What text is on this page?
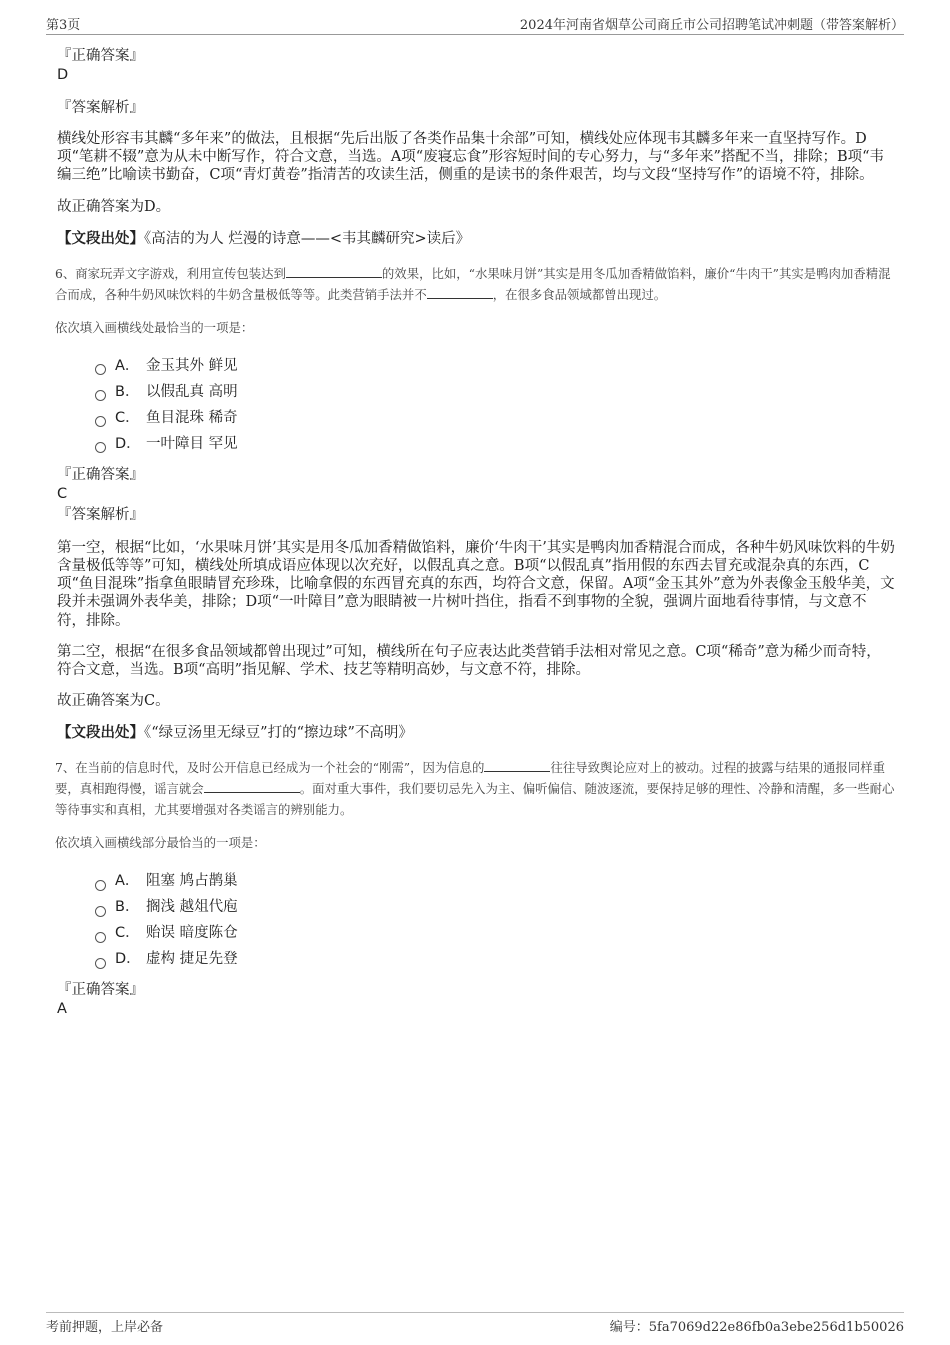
第3页	2024年河南省烟草公司商丘市公司招聘笔试冲刺题（带答案解析）

『正确答案』

D

『答案解析』

横线处形容韦其麟“多年来”的做法，且根据“先后出版了各类作品集十余部”可知，横线处应体现韦其麟多年来一直坚持写作。D项“笔耕不辍”意为从未中断写作，符合文意，当选。A项“废寝忘食”形容短时间的专心努力，与“多年来”搭配不当，排除；B项“韦编三绝”比喻读书勤奋，C项“青灯黄卷”指清苦的攻读生活，侧重的是读书的条件艰苦，均与文段“坚持写作”的语境不符，排除。

故正确答案为D。

【文段出处】《高洁的为人 烂漫的诗意——<韦其麟研究>读后》

6、商家玩弄文字游戏，利用宣传包装达到	的效果，比如，“水果味月饼”其实是用冬瓜加香精做馅料，廉价“牛肉干”其实是鸭肉加香精混合而成，各种牛奶风味饮料的牛奶含量极低等等。此类营销手法并不	，在很多食品领域都曾出现过。

依次填入画横线处最恰当的一项是：

A． 金玉其外 鲜见
B． 以假乱真 高明
C． 鱼目混珠 稀奇
D． 一叶障目 罕见

『正确答案』

C

『答案解析』

第一空，根据“比如，‘水果味月饼’其实是用冬瓜加香精做馅料，廉价‘牛肉干’其实是鸭肉加香精混合而成，各种牛奶风味饮料的牛奶含量极低等等”可知，横线处所填成语应体现以次充好，以假乱真之意。B项“以假乱真”指用假的东西去冒充或混杂真的东西，C项“鱼目混珠”指拿鱼眼睛冒充珍珠，比喻拿假的东西冒充真的东西，均符合文意，保留。A项“金玉其外”意为外表像金玉般华美，文段并未强调外表华美，排除；D项“一叶障目”意为眼睛被一片树叶挡住，指看不到事物的全貌，强调片面地看待事情，与文意不符，排除。

第二空，根据“在很多食品领域都曾出现过”可知，横线所在句子应表达此类营销手法相对常见之意。C项“稀奇”意为稀少而奇特，符合文意，当选。B项“高明”指见解、学术、技艺等精明高妙，与文意不符，排除。

故正确答案为C。

【文段出处】《“绿豆汤里无绿豆”打的“擦边球”不高明》

7、在当前的信息时代，及时公开信息已经成为一个社会的“刚需”，因为信息的	往往导致舆论应对上的被动。过程的披露与结果的通报同样重要，真相跑得慢，谣言就会	。面对重大事件，我们要切忌先入为主、偏听偏信、随波逐流，要保持足够的理性、冷静和清醒，多一些耐心等待事实和真相，尤其要增强对各类谣言的辨别能力。

依次填入画横线部分最恰当的一项是：

A． 阻塞 鸠占鹊巢
B． 搁浅 越俎代庖
C． 贻误 暗度陈仓
D． 虚构 捷足先登

『正确答案』

A

考前押题，上岸必备	编号：5fa7069d22e86fb0a3ebe256d1b50026
